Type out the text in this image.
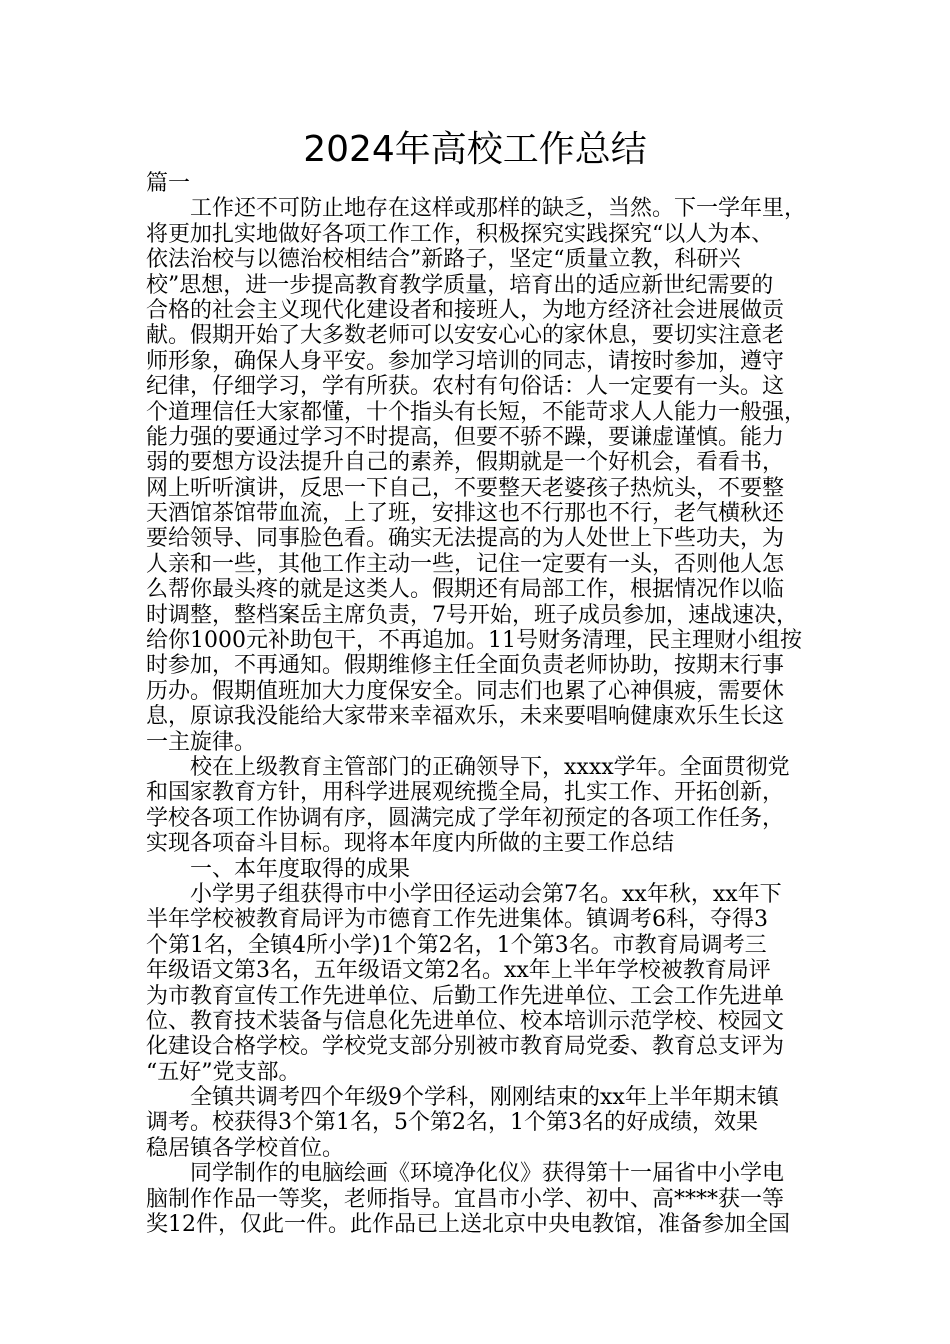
2024年高校工作总结
篇一
　　工作还不可防止地存在这样或那样的缺乏，当然。下一学年里，
将更加扎实地做好各项工作工作，积极探究实践探究“以人为本、
依法治校与以德治校相结合”新路子，坚定“质量立教，科研兴
校”思想，进一步提高教育教学质量，培育出的适应新世纪需要的
合格的社会主义现代化建设者和接班人，为地方经济社会进展做贡
献。假期开始了大多数老师可以安安心心的家休息，要切实注意老
师形象，确保人身平安。参加学习培训的同志，请按时参加，遵守
纪律，仔细学习，学有所获。农村有句俗话：人一定要有一头。这
个道理信任大家都懂，十个指头有长短，不能苛求人人能力一般强，
能力强的要通过学习不时提高，但要不骄不躁，要谦虚谨慎。能力
弱的要想方设法提升自己的素养，假期就是一个好机会，看看书，
网上听听演讲，反思一下自己，不要整天老婆孩子热炕头，不要整
天酒馆茶馆带血流，上了班，安排这也不行那也不行，老气横秋还
要给领导、同事脸色看。确实无法提高的为人处世上下些功夫，为
人亲和一些，其他工作主动一些，记住一定要有一头，否则他人怎
么帮你最头疼的就是这类人。假期还有局部工作，根据情况作以临
时调整，整档案岳主席负责，7号开始，班子成员参加，速战速决，
给你1000元补助包干，不再追加。11号财务清理，民主理财小组按
时参加，不再通知。假期维修主任全面负责老师协助，按期末行事
历办。假期值班加大力度保安全。同志们也累了心神俱疲，需要休
息，原谅我没能给大家带来幸福欢乐，未来要唱响健康欢乐生长这
一主旋律。
　　校在上级教育主管部门的正确领导下，xxxx学年。全面贯彻党
和国家教育方针，用科学进展观统揽全局，扎实工作、开拓创新，
学校各项工作协调有序，圆满完成了学年初预定的各项工作任务，
实现各项奋斗目标。现将本年度内所做的主要工作总结
　　一、本年度取得的成果
　　小学男子组获得市中小学田径运动会第7名。xx年秋，xx年下
半年学校被教育局评为市德育工作先进集体。镇调考6科，夺得3
个第1名，全镇4所小学)1个第2名，1个第3名。市教育局调考三
年级语文第3名，五年级语文第2名。xx年上半年学校被教育局评
为市教育宣传工作先进单位、后勤工作先进单位、工会工作先进单
位、教育技术装备与信息化先进单位、校本培训示范学校、校园文
化建设合格学校。学校党支部分别被市教育局党委、教育总支评为
“五好”党支部。
　　全镇共调考四个年级9个学科，刚刚结束的xx年上半年期末镇
调考。校获得3个第1名，5个第2名，1个第3名的好成绩，效果
稳居镇各学校首位。
　　同学制作的电脑绘画《环境净化仪》获得第十一届省中小学电
脑制作作品一等奖，老师指导。宜昌市小学、初中、高****获一等
奖12件，仅此一件。此作品已上送北京中央电教馆，准备参加全国
